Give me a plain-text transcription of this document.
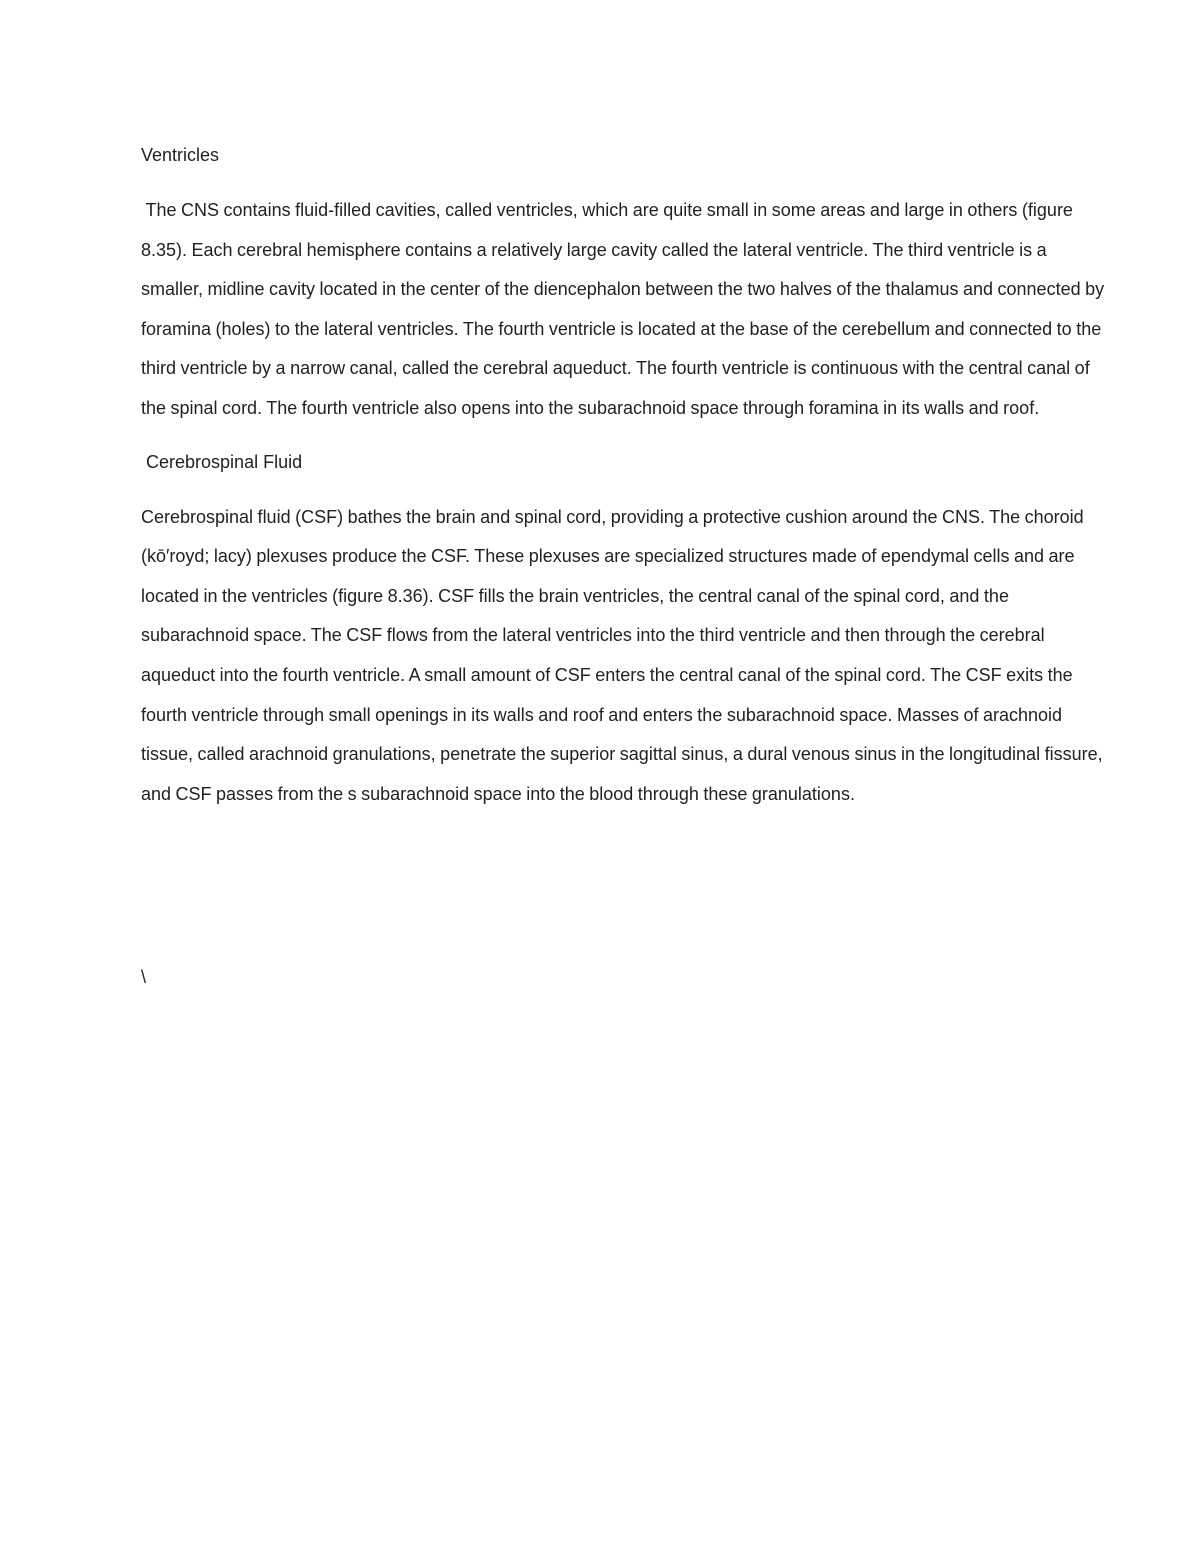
Ventricles

The CNS contains fluid-filled cavities, called ventricles, which are quite small in some areas and large in others (figure 8.35). Each cerebral hemisphere contains a relatively large cavity called the lateral ventricle. The third ventricle is a smaller, midline cavity located in the center of the diencephalon between the two halves of the thalamus and connected by foramina (holes) to the lateral ventricles. The fourth ventricle is located at the base of the cerebellum and connected to the third ventricle by a narrow canal, called the cerebral aqueduct. The fourth ventricle is continuous with the central canal of the spinal cord. The fourth ventricle also opens into the subarachnoid space through foramina in its walls and roof.

Cerebrospinal Fluid

Cerebrospinal fluid (CSF) bathes the brain and spinal cord, providing a protective cushion around the CNS. The choroid (kō′royd; lacy) plexuses produce the CSF. These plexuses are specialized structures made of ependymal cells and are located in the ventricles (figure 8.36). CSF fills the brain ventricles, the central canal of the spinal cord, and the subarachnoid space. The CSF flows from the lateral ventricles into the third ventricle and then through the cerebral aqueduct into the fourth ventricle. A small amount of CSF enters the central canal of the spinal cord. The CSF exits the fourth ventricle through small openings in its walls and roof and enters the subarachnoid space. Masses of arachnoid tissue, called arachnoid granulations, penetrate the superior sagittal sinus, a dural venous sinus in the longitudinal fissure, and CSF passes from the s subarachnoid space into the blood through these granulations.

\
